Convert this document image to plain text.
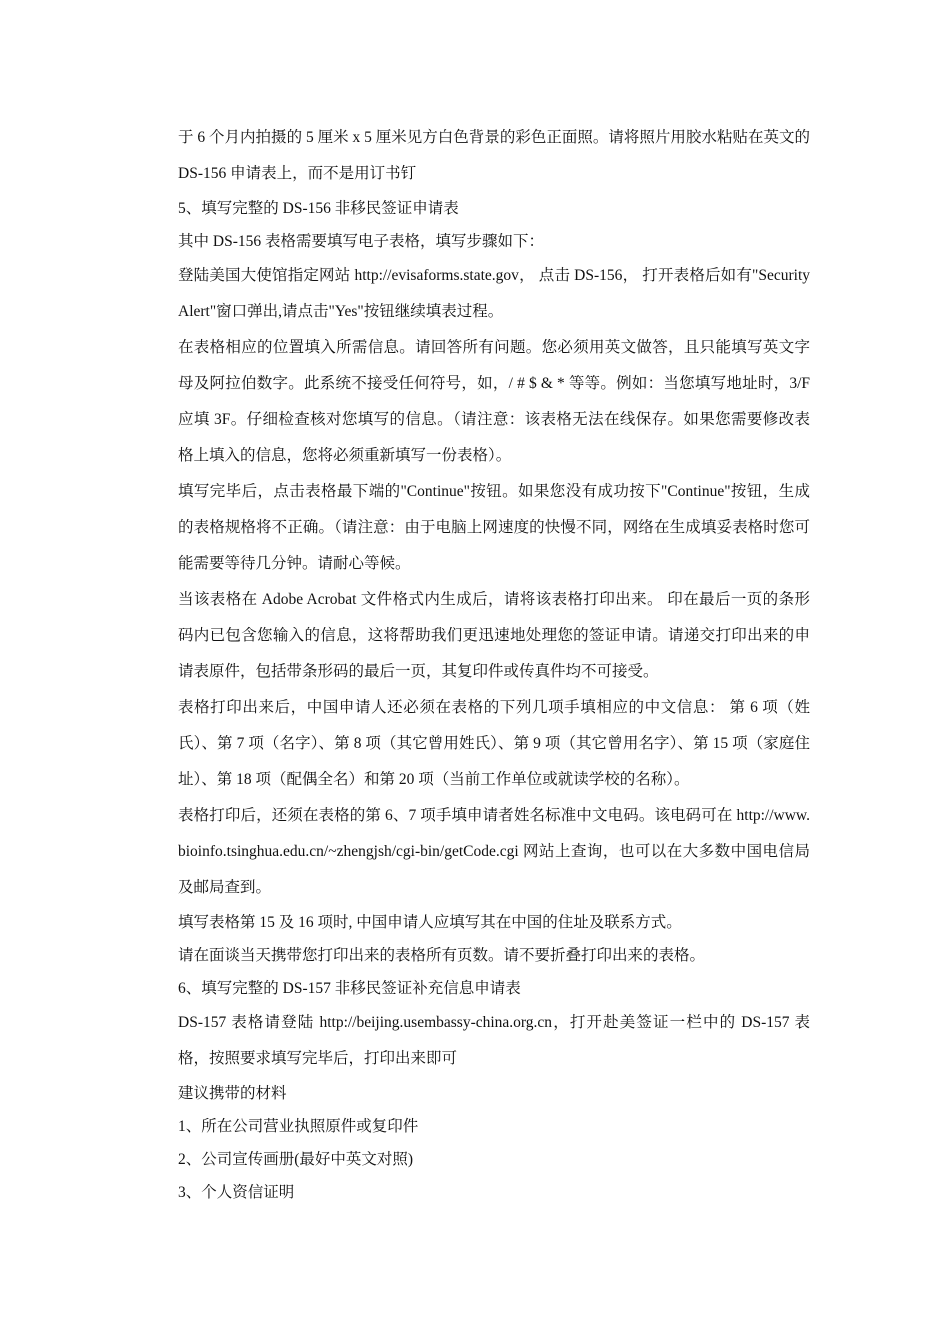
于 6 个月内拍摄的 5 厘米 x 5 厘米见方白色背景的彩色正面照。请将照片用胶水粘贴在英文的 DS-156 申请表上，而不是用订书钉

5、填写完整的 DS-156 非移民签证申请表

其中 DS-156 表格需要填写电子表格，填写步骤如下：

登陆美国大使馆指定网站 http://evisaforms.state.gov， 点击 DS-156， 打开表格后如有"Security Alert"窗口弹出,请点击"Yes"按钮继续填表过程。

在表格相应的位置填入所需信息。请回答所有问题。您必须用英文做答，且只能填写英文字母及阿拉伯数字。此系统不接受任何符号，如，/ # $ & * 等等。例如：当您填写地址时，3/F 应填 3F。仔细检查核对您填写的信息。（请注意：该表格无法在线保存。如果您需要修改表格上填入的信息，您将必须重新填写一份表格）。

填写完毕后，点击表格最下端的"Continue"按钮。如果您没有成功按下"Continue"按钮，生成的表格规格将不正确。（请注意：由于电脑上网速度的快慢不同，网络在生成填妥表格时您可能需要等待几分钟。请耐心等候。

当该表格在 Adobe Acrobat 文件格式内生成后，请将该表格打印出来。 印在最后一页的条形码内已包含您输入的信息，这将帮助我们更迅速地处理您的签证申请。请递交打印出来的申请表原件，包括带条形码的最后一页，其复印件或传真件均不可接受。

表格打印出来后，中国申请人还必须在表格的下列几项手填相应的中文信息： 第 6 项（姓氏）、第 7 项（名字）、第 8 项（其它曾用姓氏）、第 9 项（其它曾用名字）、第 15 项（家庭住址）、第 18 项（配偶全名）和第 20 项（当前工作单位或就读学校的名称）。

表格打印后，还须在表格的第 6、7 项手填申请者姓名标准中文电码。该电码可在 http://www.bioinfo.tsinghua.edu.cn/~zhengjsh/cgi-bin/getCode.cgi 网站上查询，也可以在大多数中国电信局及邮局查到。

填写表格第 15 及 16 项时, 中国申请人应填写其在中国的住址及联系方式。

请在面谈当天携带您打印出来的表格所有页数。请不要折叠打印出来的表格。

6、填写完整的 DS-157 非移民签证补充信息申请表

DS-157 表格请登陆 http://beijing.usembassy-china.org.cn，打开赴美签证一栏中的 DS-157 表格，按照要求填写完毕后，打印出来即可

建议携带的材料

1、所在公司营业执照原件或复印件

2、公司宣传画册(最好中英文对照)

3、个人资信证明
